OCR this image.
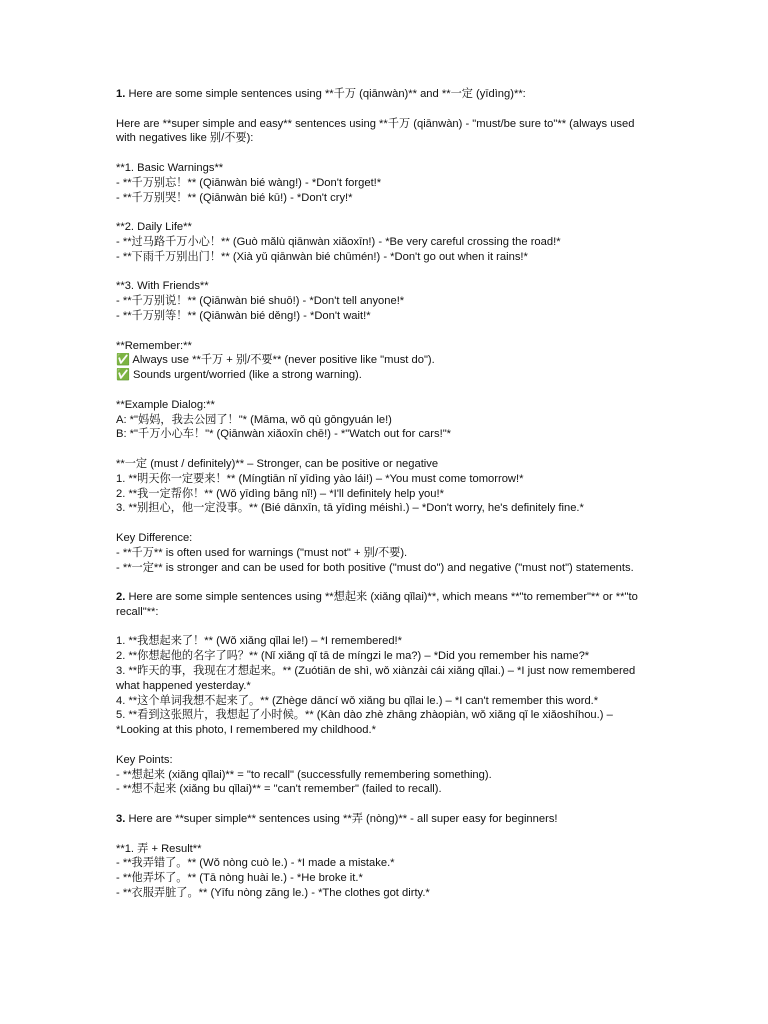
1. Here are some simple sentences using **千万 (qiānwàn)** and **一定 (yīdìng)**:

Here are **super simple and easy** sentences using **千万 (qiānwàn) - "must/be sure to"** (always used with negatives like 别/不要):

**1. Basic Warnings**

- **千万别忘！** (Qiānwàn bié wàng!) - *Don't forget!*

- **千万别哭！** (Qiānwàn bié kū!) - *Don't cry!*

**2. Daily Life**

- **过马路千万小心！** (Guò mǎlù qiānwàn xiǎoxīn!) - *Be very careful crossing the road!*

- **下雨千万别出门！** (Xià yǔ qiānwàn bié chūmén!) - *Don't go out when it rains!*

**3. With Friends**

- **千万别说！** (Qiānwàn bié shuō!) - *Don't tell anyone!*

- **千万别等！** (Qiānwàn bié děng!) - *Don't wait!*

**Remember:**

✅ Always use **千万 + 别/不要** (never positive like "must do").

✅ Sounds urgent/worried (like a strong warning).

**Example Dialog:**

A: *"妈妈，我去公园了！"* (Māma, wǒ qù gōngyuán le!)

B: *"千万小心车！"* (Qiānwàn xiǎoxīn chē!) - *"Watch out for cars!"*

**一定 (must / definitely)** – Stronger, can be positive or negative

1. **明天你一定要来！** (Míngtiān nǐ yīdìng yào lái!) – *You must come tomorrow!*

2. **我一定帮你！** (Wǒ yīdìng bāng nǐ!) – *I'll definitely help you!*

3. **别担心，他一定没事。** (Bié dānxīn, tā yīdìng méishì.) – *Don't worry, he's definitely fine.*

Key Difference:

- **千万** is often used for warnings ("must not" + 别/不要).

- **一定** is stronger and can be used for both positive ("must do") and negative ("must not") statements.

2. Here are some simple sentences using **想起来 (xiǎng qǐlai)**, which means **"to remember"** or **"to recall"**:

1. **我想起来了！** (Wǒ xiǎng qǐlai le!) – *I remembered!*

2. **你想起他的名字了吗？** (Nǐ xiǎng qǐ tā de míngzi le ma?) – *Did you remember his name?*

3. **昨天的事，我现在才想起来。** (Zuótiān de shì, wǒ xiànzài cái xiǎng qǐlai.) – *I just now remembered what happened yesterday.*

4. **这个单词我想不起来了。** (Zhège dāncí wǒ xiǎng bu qǐlai le.) – *I can't remember this word.*

5. **看到这张照片，我想起了小时候。** (Kàn dào zhè zhāng zhàopiàn, wǒ xiǎng qǐ le xiǎoshíhou.) – *Looking at this photo, I remembered my childhood.*

Key Points:

- **想起来 (xiǎng qǐlai)** = "to recall" (successfully remembering something).

- **想不起来 (xiǎng bu qǐlai)** = "can't remember" (failed to recall).

3. Here are **super simple** sentences using **弄 (nòng)** - all super easy for beginners!

**1. 弄 + Result**

- **我弄错了。** (Wǒ nòng cuò le.) - *I made a mistake.*

- **他弄坏了。** (Tā nòng huài le.) - *He broke it.*

- **衣服弄脏了。** (Yīfu nòng zāng le.) - *The clothes got dirty.*
